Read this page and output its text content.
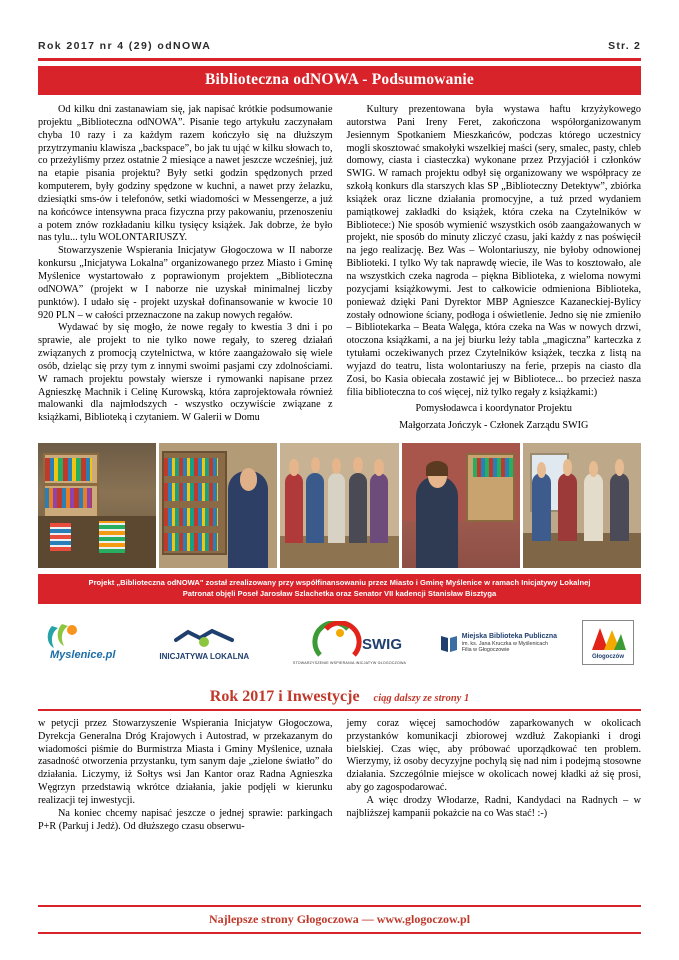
Rok 2017 nr 4 (29) odNOWA	Str. 2
Biblioteczna odNOWA - Podsumowanie

Od kilku dni zastanawiam się, jak napisać krótkie podsumowanie projektu „Biblioteczna odNOWA”. Pisanie tego artykułu zaczynałam chyba 10 razy i za każdym razem kończyło się na dłuższym przytrzymaniu klawisza „backspace”, bo jak tu ująć w kilku słowach to, co przeżyliśmy przez ostatnie 2 miesiące a nawet jeszcze wcześniej, już na etapie pisania projektu? Były setki godzin spędzonych przed komputerem, były godziny spędzone w kuchni, a nawet przy żelazku, dziesiątki sms-ów i telefonów, setki wiadomości w Messengerze, a już na końcówce intensywna praca fizyczna przy pakowaniu, przenoszeniu a potem znów rozkładaniu kilku tysięcy książek. Jak dobrze, że było nas tylu... tylu WOLONTARIUSZY.

Stowarzyszenie Wspierania Inicjatyw Głogoczowa w II naborze konkursu „Inicjatywa Lokalna” organizowanego przez Miasto i Gminę Myślenice wystartowało z poprawionym projektem „Biblioteczna odNOWA” (projekt w I naborze nie uzyskał minimalnej liczby punktów). I udało się - projekt uzyskał dofinansowanie w kwocie 10 920 PLN – w całości przeznaczone na zakup nowych regałów.

Wydawać by się mogło, że nowe regały to kwestia 3 dni i po sprawie, ale projekt to nie tylko nowe regały, to szereg działań związanych z promocją czytelnictwa, w które zaangażowało się wiele osób, dzieląc się przy tym z innymi swoimi pasjami czy zdolnościami. W ramach projektu powstały wiersze i rymowanki napisane przez Agnieszkę Machnik i Celinę Kurowską, która zaprojektowała również malowanki dla najmłodszych - wszystko oczywiście związane z książkami, Biblioteką i czytaniem. W Galerii w Domu

Kultury prezentowana była wystawa haftu krzyżykowego autorstwa Pani Ireny Feret, zakończona współorganizowanym Jesiennym Spotkaniem Mieszkańców, podczas którego uczestnicy mogli skosztować smakołyki wszelkiej maści (sery, smalec, pasty, chleb domowy, ciasta i ciasteczka) wykonane przez Przyjaciół i członków SWIG. W ramach projektu odbył się organizowany we współpracy ze szkołą konkurs dla starszych klas SP „Biblioteczny Detektyw”, zbiórka książek oraz liczne działania promocyjne, a tuż przed wydaniem pamiątkowej zakładki do książek, która czeka na Czytelników w Bibliotece:) Nie sposób wymienić wszystkich osób zaangażowanych w projekt, nie sposób do minuty zliczyć czasu, jaki każdy z nas poświęcił na jego realizację. Bez Was – Wolontariuszy, nie byłoby odnowionej Biblioteki. I tylko Wy tak naprawdę wiecie, ile Was to kosztowało, ale na wszystkich czeka nagroda – piękna Biblioteka, z wieloma nowymi pozycjami książkowymi. Jest to całkowicie odmieniona Biblioteka, ponieważ dzięki Pani Dyrektor MBP Agnieszce Kazaneckiej-Bylicy zostały odnowione ściany, podłoga i oświetlenie. Jedno się nie zmieniło – Bibliotekarka – Beata Walęga, która czeka na Was w nowych drzwi, otoczona książkami, a na jej biurku leży tabla „magiczna” karteczka z tytułami oczekiwanych przez Czytelników książek, teczka z listą na wyjazd do teatru, lista wolontariuszy na ferie, przepis na ciasto dla Zosi, bo Kasia obiecała zostawić jej w Bibliotece... bo przecież nasza filia biblioteczna to coś więcej, niż tylko regały z książkami:)

Pomysłodawca i koordynator Projektu
Małgorzata Jończyk - Członek Zarządu SWIG
Projekt „Biblioteczna odNOWA" został zrealizowany przy współfinansowaniu przez Miasto i Gminę Myślenice w ramach Inicjatywy Lokalnej
Patronat objęli Poseł Jarosław Szlachetka oraz Senator VII kadencji Stanisław Bisztyga
Myslenice.pl	INICJATYWA LOKALNA
SWIG
STOWARZYSZENIE WSPIERANIA INICJATYW GŁOGOCZOWA
Miejska Biblioteka Publiczna
im. ks. Jana Kruczka w Myślenicach
Filia w Głogoczowie
Głogoczów
Rok 2017 i Inwestycje ciąg dalszy ze strony 1

w petycji przez Stowarzyszenie Wspierania Inicjatyw Głogoczowa, Dyrekcja Generalna Dróg Krajowych i Autostrad, w przekazanym do wiadomości piśmie do Burmistrza Miasta i Gminy Myślenice, uznała zasadność otworzenia przystanku, tym sanym daje „zielone światło” do działania. Liczymy, iż Sołtys wsi Jan Kantor oraz Radna Agnieszka Węgrzyn przedstawią wkrótce działania, jakie podjęli w kierunku realizacji tej inwestycji.

Na koniec chcemy napisać jeszcze o jednej sprawie: parkingach P+R (Parkuj i Jedź). Od dłuższego czasu obserwu-

jemy coraz więcej samochodów zaparkowanych w okolicach przystanków komunikacji zbiorowej wzdłuż Zakopianki i drogi bielskiej. Czas więc, aby próbować uporządkować ten problem. Wierzymy, iż osoby decyzyjne pochylą się nad nim i podejmą stosowne działania. Szczególnie miejsce w okolicach nowej kładki aż się prosi, aby go zagospodarować.

A więc drodzy Włodarze, Radni, Kandydaci na Radnych – w najbliższej kampanii pokażcie na co Was stać! :-)

Najlepsze strony Głogoczowa — www.glogoczow.pl
